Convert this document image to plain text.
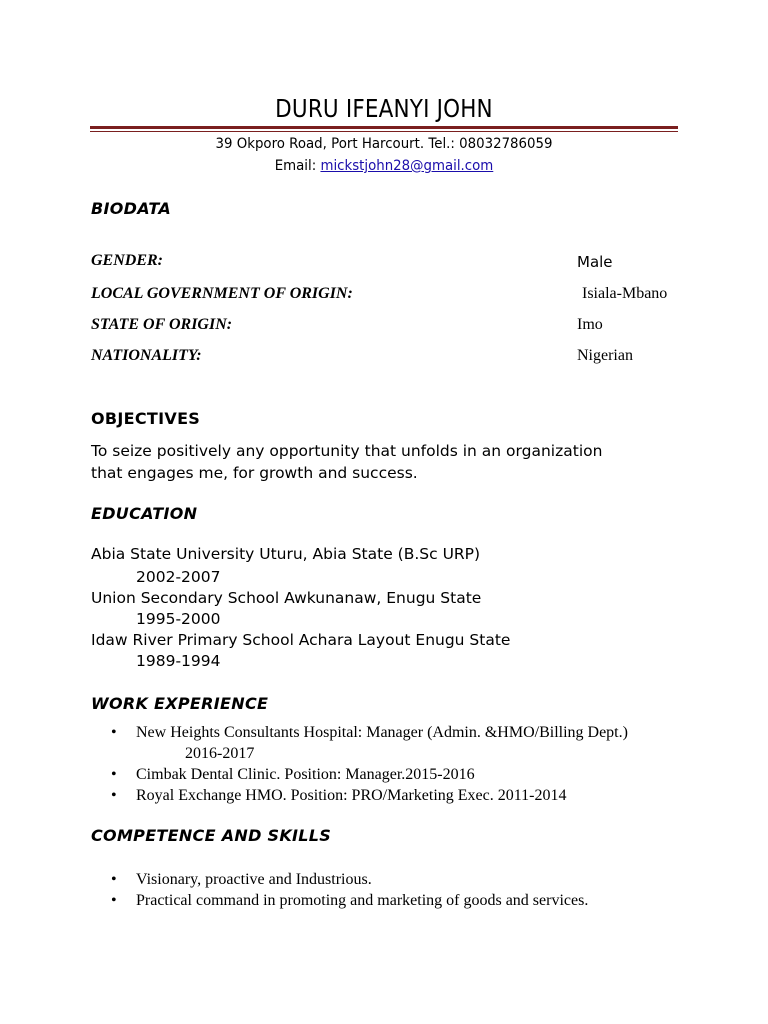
DURU IFEANYI JOHN
39 Okporo Road, Port Harcourt. Tel.: 08032786059
Email: mickstjohn28@gmail.com
BIODATA
GENDER:	Male
LOCAL GOVERNMENT OF ORIGIN:	Isiala-Mbano
STATE OF ORIGIN:	Imo
NATIONALITY:	Nigerian
OBJECTIVES
To seize positively any opportunity that unfolds in an organization
that engages me, for growth and success.
EDUCATION
Abia State University Uturu, Abia State (B.Sc URP)
2002-2007
Union Secondary School Awkunanaw, Enugu State
1995-2000
Idaw River Primary School Achara Layout Enugu State
1989-1994
WORK EXPERIENCE
• New Heights Consultants Hospital: Manager (Admin. &HMO/Billing Dept.)
2016-2017
• Cimbak Dental Clinic. Position: Manager.2015-2016
• Royal Exchange HMO. Position: PRO/Marketing Exec. 2011-2014
COMPETENCE AND SKILLS
• Visionary, proactive and Industrious.
• Practical command in promoting and marketing of goods and services.
